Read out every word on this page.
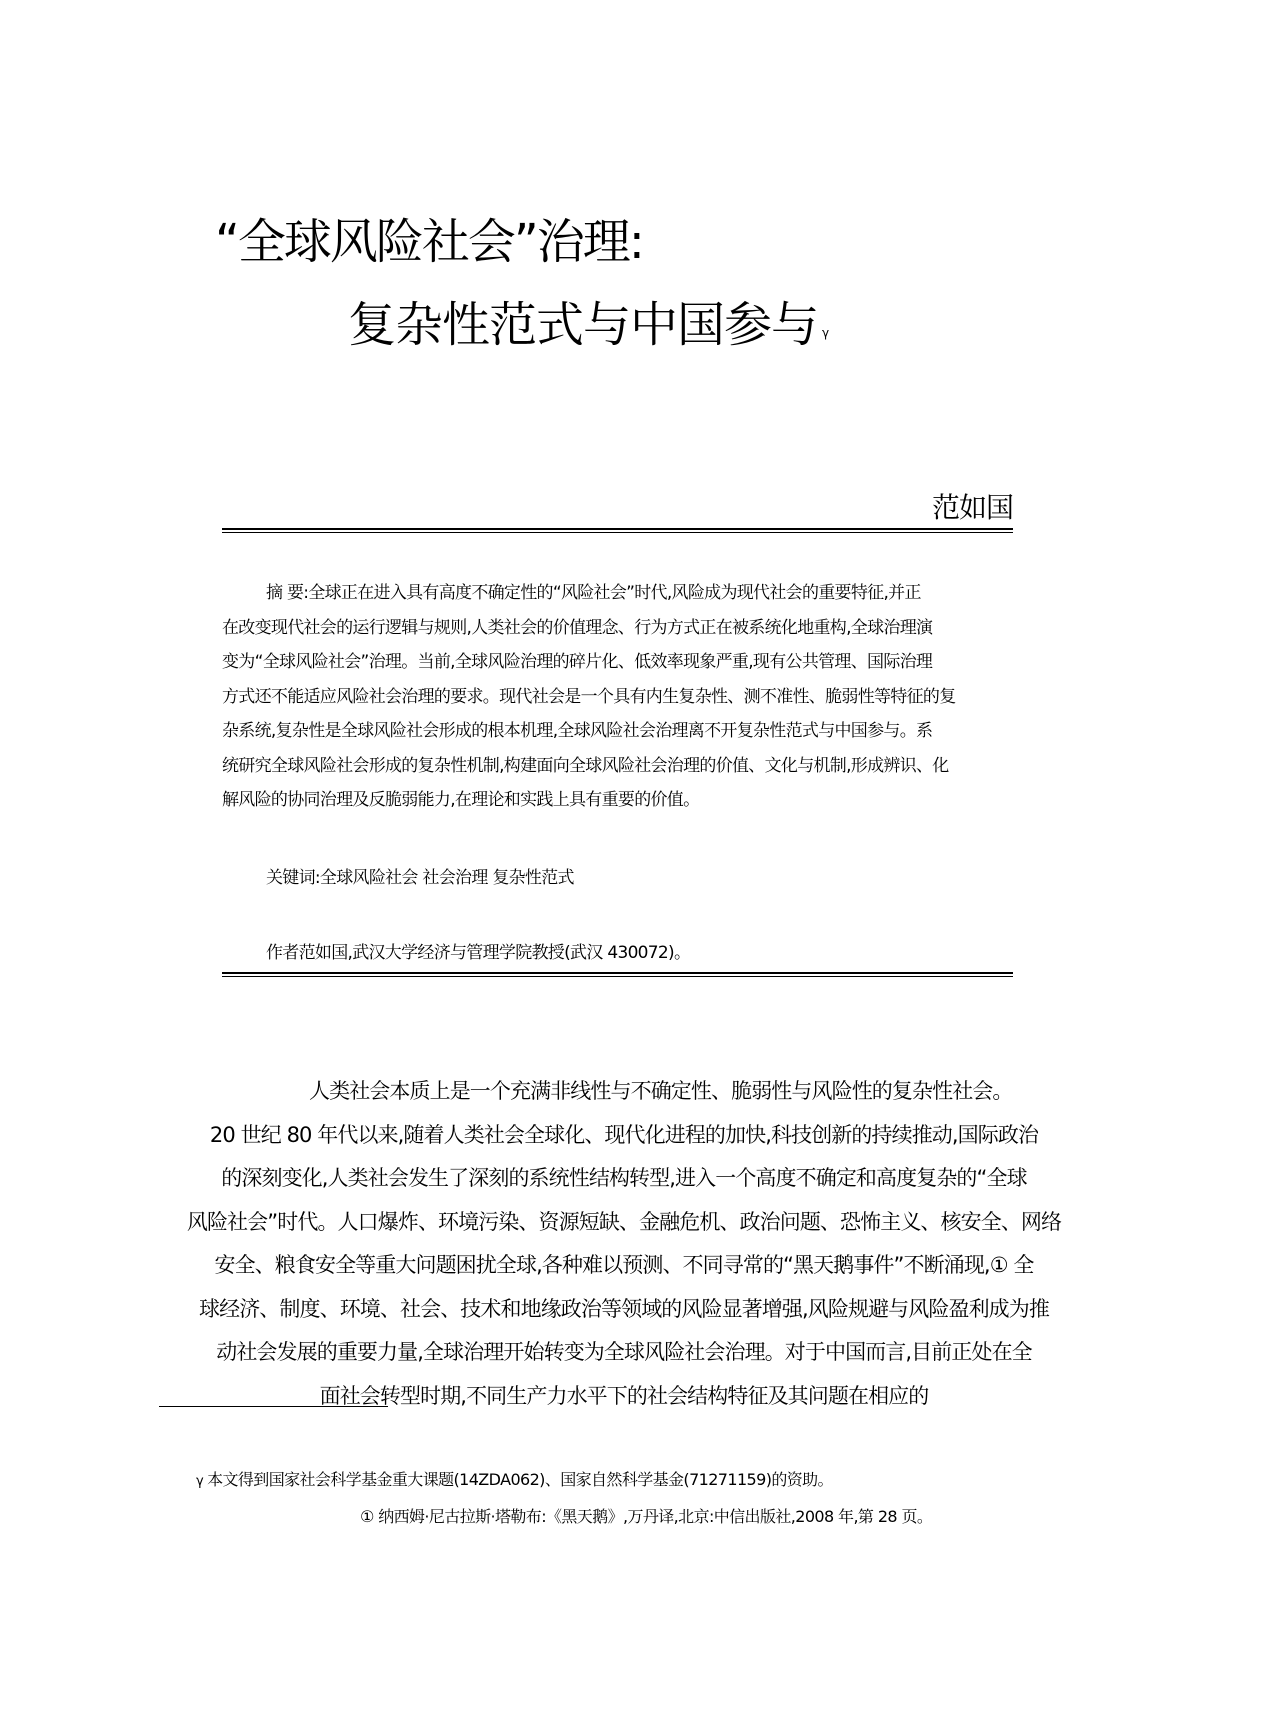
“全球风险社会”治理:
复杂性范式与中国参与 γ
范如国
摘 要:全球正在进入具有高度不确定性的“风险社会”时代,风险成为现代社会的重要特征,并正
在改变现代社会的运行逻辑与规则,人类社会的价值理念、行为方式正在被系统化地重构,全球治理演
变为“全球风险社会”治理。当前,全球风险治理的碎片化、低效率现象严重,现有公共管理、国际治理
方式还不能适应风险社会治理的要求。现代社会是一个具有内生复杂性、测不准性、脆弱性等特征的复
杂系统,复杂性是全球风险社会形成的根本机理,全球风险社会治理离不开复杂性范式与中国参与。系
统研究全球风险社会形成的复杂性机制,构建面向全球风险社会治理的价值、文化与机制,形成辨识、化
解风险的协同治理及反脆弱能力,在理论和实践上具有重要的价值。
关键词:全球风险社会 社会治理 复杂性范式
作者范如国,武汉大学经济与管理学院教授(武汉 430072)。
人类社会本质上是一个充满非线性与不确定性、脆弱性与风险性的复杂性社会。
20 世纪 80 年代以来,随着人类社会全球化、现代化进程的加快,科技创新的持续推动,国际政治
的深刻变化,人类社会发生了深刻的系统性结构转型,进入一个高度不确定和高度复杂的“全球
风险社会”时代。人口爆炸、环境污染、资源短缺、金融危机、政治问题、恐怖主义、核安全、网络
安全、粮食安全等重大问题困扰全球,各种难以预测、不同寻常的“黑天鹅事件”不断涌现,① 全
球经济、制度、环境、社会、技术和地缘政治等领域的风险显著增强,风险规避与风险盈利成为推
动社会发展的重要力量,全球治理开始转变为全球风险社会治理。对于中国而言,目前正处在全
面社会转型时期,不同生产力水平下的社会结构特征及其问题在相应的
γ 本文得到国家社会科学基金重大课题(14ZDA062)、国家自然科学基金(71271159)的资助。
① 纳西姆·尼古拉斯·塔勒布:《黑天鹅》,万丹译,北京:中信出版社,2008 年,第 28 页。
